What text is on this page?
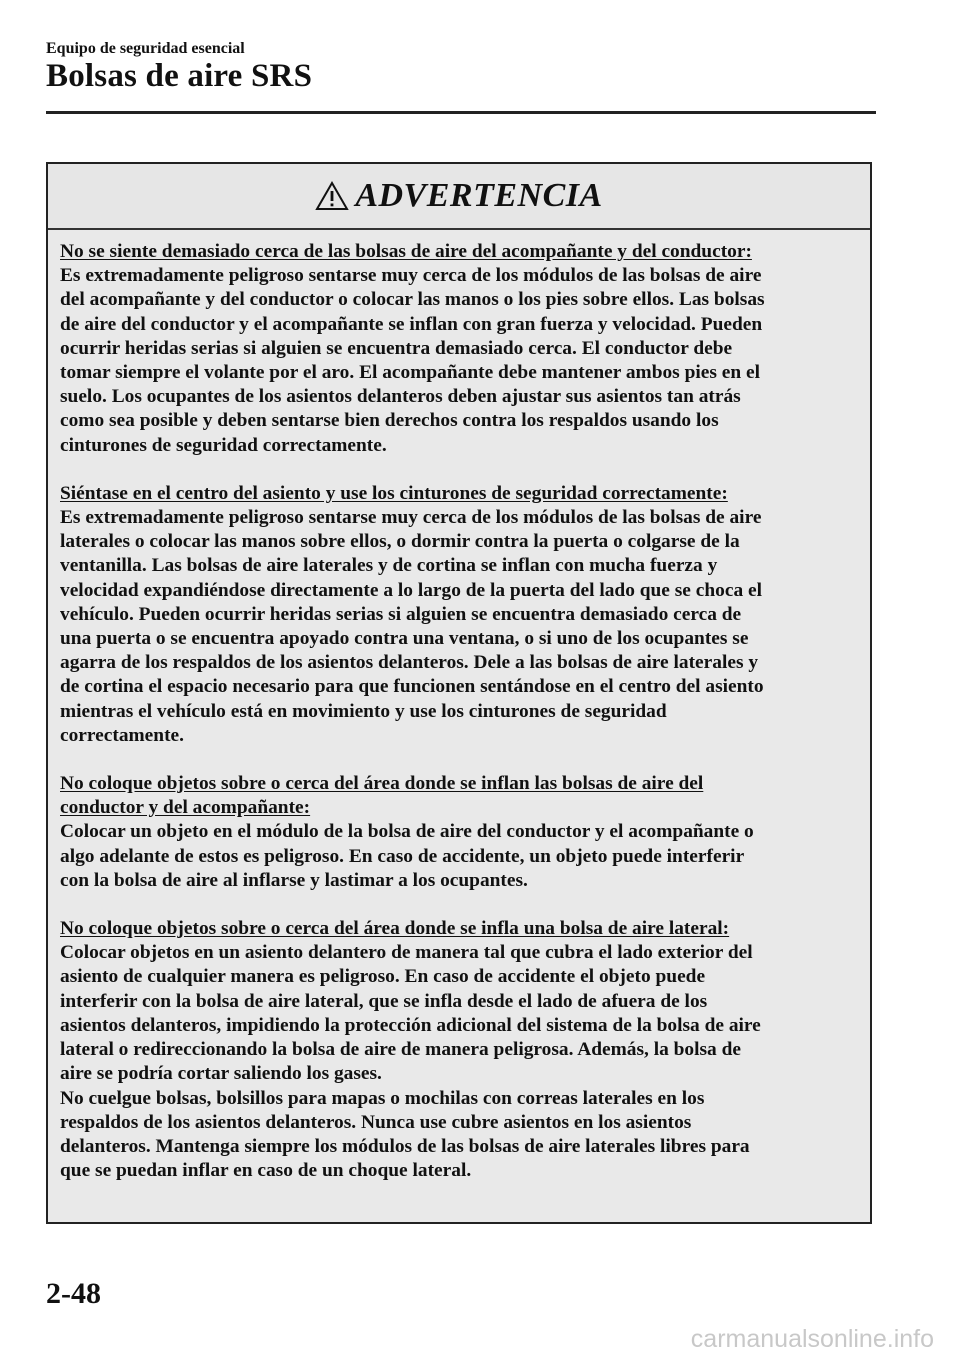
Equipo de seguridad esencial
Bolsas de aire SRS
ADVERTENCIA
No se siente demasiado cerca de las bolsas de aire del acompañante y del conductor:
Es extremadamente peligroso sentarse muy cerca de los módulos de las bolsas de aire
del acompañante y del conductor o colocar las manos o los pies sobre ellos. Las bolsas
de aire del conductor y el acompañante se inflan con gran fuerza y velocidad. Pueden
ocurrir heridas serias si alguien se encuentra demasiado cerca. El conductor debe
tomar siempre el volante por el aro. El acompañante debe mantener ambos pies en el
suelo. Los ocupantes de los asientos delanteros deben ajustar sus asientos tan atrás
como sea posible y deben sentarse bien derechos contra los respaldos usando los
cinturones de seguridad correctamente.
Siéntase en el centro del asiento y use los cinturones de seguridad correctamente:
Es extremadamente peligroso sentarse muy cerca de los módulos de las bolsas de aire
laterales o colocar las manos sobre ellos, o dormir contra la puerta o colgarse de la
ventanilla. Las bolsas de aire laterales y de cortina se inflan con mucha fuerza y
velocidad expandiéndose directamente a lo largo de la puerta del lado que se choca el
vehículo. Pueden ocurrir heridas serias si alguien se encuentra demasiado cerca de
una puerta o se encuentra apoyado contra una ventana, o si uno de los ocupantes se
agarra de los respaldos de los asientos delanteros. Dele a las bolsas de aire laterales y
de cortina el espacio necesario para que funcionen sentándose en el centro del asiento
mientras el vehículo está en movimiento y use los cinturones de seguridad
correctamente.
No coloque objetos sobre o cerca del área donde se inflan las bolsas de aire del
conductor y del acompañante:
Colocar un objeto en el módulo de la bolsa de aire del conductor y el acompañante o
algo adelante de estos es peligroso. En caso de accidente, un objeto puede interferir
con la bolsa de aire al inflarse y lastimar a los ocupantes.
No coloque objetos sobre o cerca del área donde se infla una bolsa de aire lateral:
Colocar objetos en un asiento delantero de manera tal que cubra el lado exterior del
asiento de cualquier manera es peligroso. En caso de accidente el objeto puede
interferir con la bolsa de aire lateral, que se infla desde el lado de afuera de los
asientos delanteros, impidiendo la protección adicional del sistema de la bolsa de aire
lateral o redireccionando la bolsa de aire de manera peligrosa. Además, la bolsa de
aire se podría cortar saliendo los gases.
No cuelgue bolsas, bolsillos para mapas o mochilas con correas laterales en los
respaldos de los asientos delanteros. Nunca use cubre asientos en los asientos
delanteros. Mantenga siempre los módulos de las bolsas de aire laterales libres para
que se puedan inflar en caso de un choque lateral.
2-48
carmanualsonline.info
